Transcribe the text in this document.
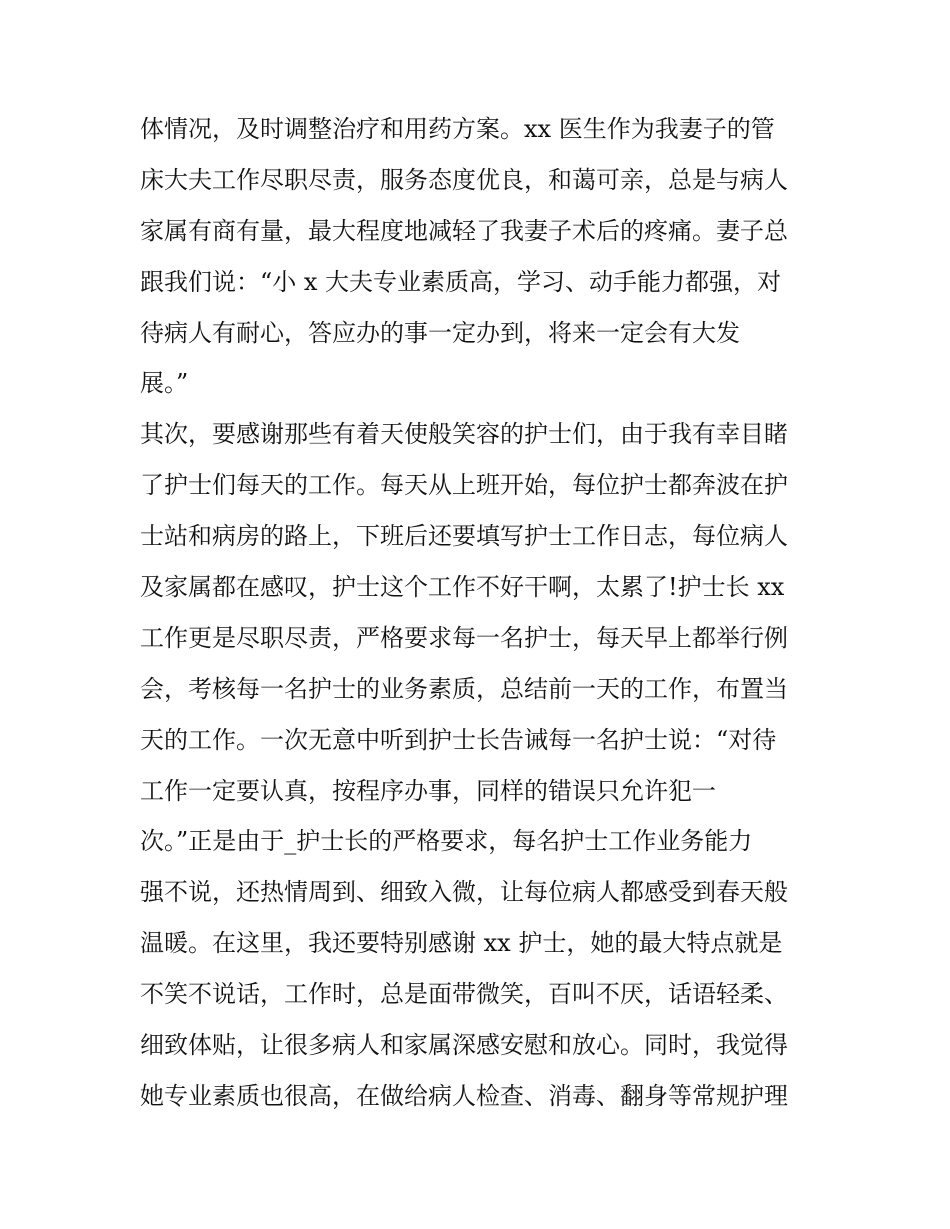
体情况，及时调整治疗和用药方案。xx 医生作为我妻子的管
床大夫工作尽职尽责，服务态度优良，和蔼可亲，总是与病人
家属有商有量，最大程度地减轻了我妻子术后的疼痛。妻子总
跟我们说：“小 x 大夫专业素质高，学习、动手能力都强，对
待病人有耐心，答应办的事一定办到，将来一定会有大发
展。”
其次，要感谢那些有着天使般笑容的护士们，由于我有幸目睹
了护士们每天的工作。每天从上班开始，每位护士都奔波在护
士站和病房的路上，下班后还要填写护士工作日志，每位病人
及家属都在感叹，护士这个工作不好干啊，太累了!护士长 xx
工作更是尽职尽责，严格要求每一名护士，每天早上都举行例
会，考核每一名护士的业务素质，总结前一天的工作，布置当
天的工作。一次无意中听到护士长告诫每一名护士说：“对待
工作一定要认真，按程序办事，同样的错误只允许犯一
次。”正是由于_护士长的严格要求，每名护士工作业务能力
强不说，还热情周到、细致入微，让每位病人都感受到春天般
温暖。在这里，我还要特别感谢 xx 护士，她的最大特点就是
不笑不说话，工作时，总是面带微笑，百叫不厌，话语轻柔、
细致体贴，让很多病人和家属深感安慰和放心。同时，我觉得
她专业素质也很高，在做给病人检查、消毒、翻身等常规护理
